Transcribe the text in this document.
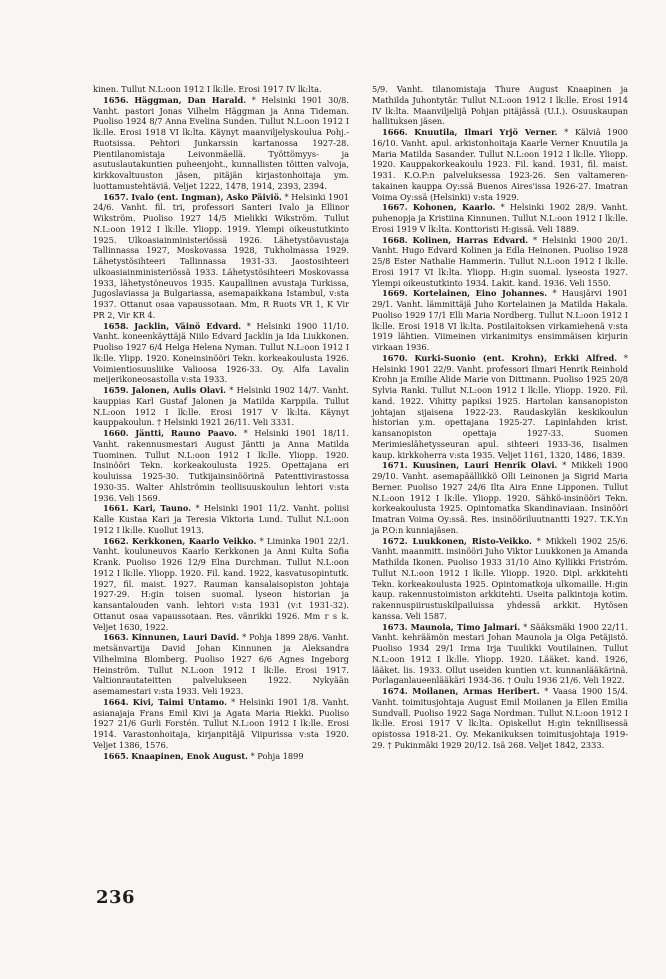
kinen. Tullut N.L:oon 1912 I lk:lle. Erosi 1917 IV lk:lta.

1656. Häggman, Dan Harald. * Helsinki 1901 30/8. Vanht. pastori Jonas Vilhelm Häggman ja Anna Tideman. Puoliso 1924 8/7 Anna Evelina Sunden. Tullut N.L:oon 1912 I lk:lle. Erosi 1918 VI lk:lta. Käynyt maanviljelyskoulua Pohj.-Ruotsissa. Pehtori Junkarssin kartanossa 1927-28. Pientilanomistaja Leivonmäellä. Työttömyys- ja asutuslautakuntien puheenjoht., kunnallisten töitten valvoja, kirkkovaltuuston jäsen, pitäjän kirjastonhoitaja ym. luottamustehtäviä. Veljet 1222, 1478, 1914, 2393, 2394.

1657. Ivalo (ent. Ingman), Asko Päiviö. * Helsinki 1901 24/6. Vanht. fil. tri, professori Santeri Ivalo ja Ellinor Wikström. Puoliso 1927 14/5 Mielikki Wikström. Tullut N.L:oon 1912 I lk:lle. Yliopp. 1919. Ylempi oikeustutkinto 1925. Ulkoasiainministeriössä 1926. Lähetystöavustaja Tallinnassa 1927, Moskovassa 1928, Tukholmassa 1929. Lähetystösihteeri Tallinnassa 1931-33. Jaostosihteeri ulkoasiainministeriössä 1933. Lähetystösihteeri Moskovassa 1933, lähetystöneuvos 1935. Kaupallinen avustaja Turkissa, Jugoslaviassa ja Bulgariassa, asemapaikkana Istambul, v:sta 1937. Ottanut osaa vapaussotaan. Mm, R Ruots VR 1, K Vir PR 2, Vir KR 4.

1658. Jacklin, Väinö Edvard. * Helsinki 1900 11/10. Vanht. koneenkäyttäjä Niilo Edvard Jacklin ja Ida Liukkonen. Puoliso 1927 6/4 Helga Helena Nyman. Tullut N.L:oon 1912 I lk:lle. Ylipp. 1920. Koneinsinööri Tekn. korkeakoulusta 1926. Voimientiosuusliike Valioosa 1926-33. Oy. Alfa Lavalin meijerikoneosastolla v:sta 1933.

1659. Jalonen, Aulis Olavi. * Helsinki 1902 14/7. Vanht. kauppias Karl Gustaf Jalonen ja Matilda Karppila. Tullut N.L:oon 1912 I lk:lle. Erosi 1917 V lk:lta. Käynyt kauppakoulun. † Helsinki 1921 26/11. Veli 3331.

1660. Jäntti, Rauno Paavo. * Helsinki 1901 18/11. Vanht. rakennusmestari August Jäntti ja Anna Matilda Tuominen. Tullut N.L:oon 1912 I lk:lle. Yliopp. 1920. Insinööri Tekn. korkeakoulusta 1925. Opettajana eri kouluissa 1925-30. Tutkijainsinöörinä Patenttivirastossa 1930-35. Walter Ahlströmin teollisuuskoulun lehtori v:sta 1936. Veli 1569.

1661. Kari, Tauno. * Helsinki 1901 11/2. Vanht. poliisi Kalle Kustaa Kari ja Teresia Viktoria Lund. Tullut N.L:oon 1912 I lk:lle. Kuollut 1913.

1662. Kerkkonen, Kaarlo Veikko. * Liminka 1901 22/1. Vanht. kouluneuvos Kaarlo Kerkkonen ja Anni Kulta Sofia Krank. Puoliso 1926 12/9 Elna Durchman. Tullut N.L:oon 1912 I lk:lle. Yliopp. 1920. Fil. kand. 1922, kasvatusopintutk. 1927, fil. maist. 1927. Rauman kansalaisopiston johtaja 1927-29. H:gin toisen suomal. lyseon historian ja kansantalouden vanh. lehtori v:sta 1931 (v:t 1931-32). Ottanut osaa vapaussotaan. Res. vänrikki 1926. Mm r s k. Veljet 1630, 1922.

1663. Kinnunen, Lauri David. * Pohja 1899 28/6. Vanht. metsänvartija David Johan Kinnunen ja Aleksandra Vilhelmina Blomberg. Puoliso 1927 6/6 Agnes Ingeborg Heinström. Tullut N.L:oon 1912 I lk:lle. Erosi 1917. Valtionrautateitten palvelukseen 1922. Nykyään asemamestari v:sta 1933. Veli 1923.

1664. Kivi, Taimi Untamo. * Helsinki 1901 1/8. Vanht. asianajaja Frans Emil Kivi ja Agata Maria Riekki. Puoliso 1927 21/6 Gurli Forstén. Tullut N.L:oon 1912 I lk:lle. Erosi 1914. Varastonhoitaja, kirjanpitäjä Viipurissa v:sta 1920. Veljet 1386, 1576.

1665. Knaapinen, Enok August. * Pohja 1899

5/9. Vanht. tilanomistaja Thure August Knaapinen ja Mathilda Juhontytär. Tullut N.L:oon 1912 I lk:lle. Erosi 1914 IV lk:lta. Maanviljelijä Pohjan pitäjässä (U.I.). Osuuskaupan hallituksen jäsen.

1666. Knuutila, Ilmari Yrjö Verner. * Kälviä 1900 16/10. Vanht. apul. arkistonhoitaja Kaarle Verner Knuutila ja Maria Matilda Sasander. Tullut N.L:oon 1912 I lk:lle. Yliopp. 1920. Kauppakorkeakoulu 1923. Fil. kand. 1931, fil. maist. 1931. K.O.P:n palveluksessa 1923-26. Sen valtameren-takainen kauppa Oy:ssä Buenos Aires'issa 1926-27. Imatran Voima Oy:ssä (Helsinki) v:sta 1929.

1667. Kohonen, Kaarlo. * Helsinki 1902 28/9. Vanht. puhenopja ja Kristiina Kinnunen. Tullut N.L:oon 1912 I lk:lle. Erosi 1919 V lk:lta. Konttoristi H:gissä. Veli 1889.

1668. Kolinen, Harras Edvard. * Helsinki 1900 20/1. Vanht. Hugo Edvard Kolinen ja Edla Heinonen. Puoliso 1928 25/8 Ester Nathalie Hammerin. Tullut N.L:oon 1912 I lk:lle. Erosi 1917 VI lk:lta. Yliopp. H:gin suomal. lyseosta 1927. Ylempi oikeustutkinto 1934. Lakit. kand. 1936. Veli 1550.

1669. Kortelainen, Eino Johannes. * Hausjärvi 1901 29/1. Vanht. lämmittäjä Juho Kortelainen ja Matilda Hakala. Puoliso 1929 17/1 Elli Maria Nordberg. Tullut N.L:oon 1912 I lk:lle. Erosi 1918 VI lk:lta. Postilaitoksen virkamiehenä v:sta 1919 lähtien. Viimeinen virkanimitys ensimmäisen kirjurin virkaan 1936.

1670. Kurki-Suonio (ent. Krohn), Erkki Alfred. * Helsinki 1901 22/9. Vanht. professori Ilmari Henrik Reinhold Krohn ja Emilie Alide Marie von Dittmann. Puoliso 1925 20/8 Sylvia Ranki. Tullut N.L:oon 1912 I lk:lle. Yliopp. 1920. Fil. kand. 1922. Vihitty papiksi 1925. Hartolan kansanopiston johtajan sijaisena 1922-23. Raudaskylän keskikoulun historian y.m. opettajana 1925-27. Lapinlahden krist. kansanopiston opettaja 1927-33. Suomen Merimieslähetysseuran apul. sihteeri 1933-36, Iisalmen kaup. kirkkoherra v:sta 1935. Veljet 1161, 1320, 1486, 1839.

1671. Kuusinen, Lauri Henrik Olavi. * Mikkeli 1900 29/10. Vanht. asemapäällikkö Olli Leinonen ja Sigrid Maria Berner. Puoliso 1927 24/6 Ilta Aira Enne Lipponen. Tullut N.L:oon 1912 I lk:lle. Yliopp. 1920. Sähkö-insinööri Tekn. korkeakoulusta 1925. Opintomatka Skandinaviaan. Insinööri Imatran Voima Oy:ssä. Res. insinööriluutnantti 1927. T.K.Y:n ja P.O:n kunniajäsen.

1672. Luukkonen, Risto-Veikko. * Mikkeli 1902 25/6. Vanht. maanmitt. insinööri Juho Viktor Luukkonen ja Amanda Mathilda Ikonen. Puoliso 1933 31/10 Aino Kyllikki Fristróm. Tullut N.L:oon 1912 I lk:lle. Yliopp. 1920. Dipl. arkkitehti Tekn. korkeakoulusta 1925. Opintomatkoja ulkomaille. H:gin kaup. rakennustoimiston arkkitehti. Useita palkintoja kotim. rakennuspiirustuskilpailuissa yhdessä arkkit. Hytösen kanssa. Veli 1587.

1673. Maunola, Timo Jalmari. * Sääksmäki 1900 22/11. Vanht. kehräämön mestari Johan Maunola ja Olga Petäjistö. Puoliso 1934 29/1 Irma Irja Tuulikki Voutilainen. Tullut N.L:oon 1912 I lk:lle. Yliopp. 1920. Lääket. kand. 1926, lääket. lis. 1933. Ollut useiden kuntien v.t. kunnanlääkärinä. Porlaganlaueenlääkäri 1934-36. † Oulu 1936 21/6. Veli 1922.

1674. Moilanen, Armas Heribert. * Vaasa 1900 15/4. Vanht. toimitusjohtaja August Emil Moilanen ja Ellen Emilia Sundvall. Puoliso 1922 Saga Nordman. Tullut N.L:oon 1912 I lk:lle. Erosi 1917 V lk:lta. Opiskellut H:gin teknillisessä opistossa 1918-21. Oy. Mekanikuksen toimitusjohtaja 1919-29. † Pukinmäki 1929 20/12. Isä 268. Veljet 1842, 2333.

236
